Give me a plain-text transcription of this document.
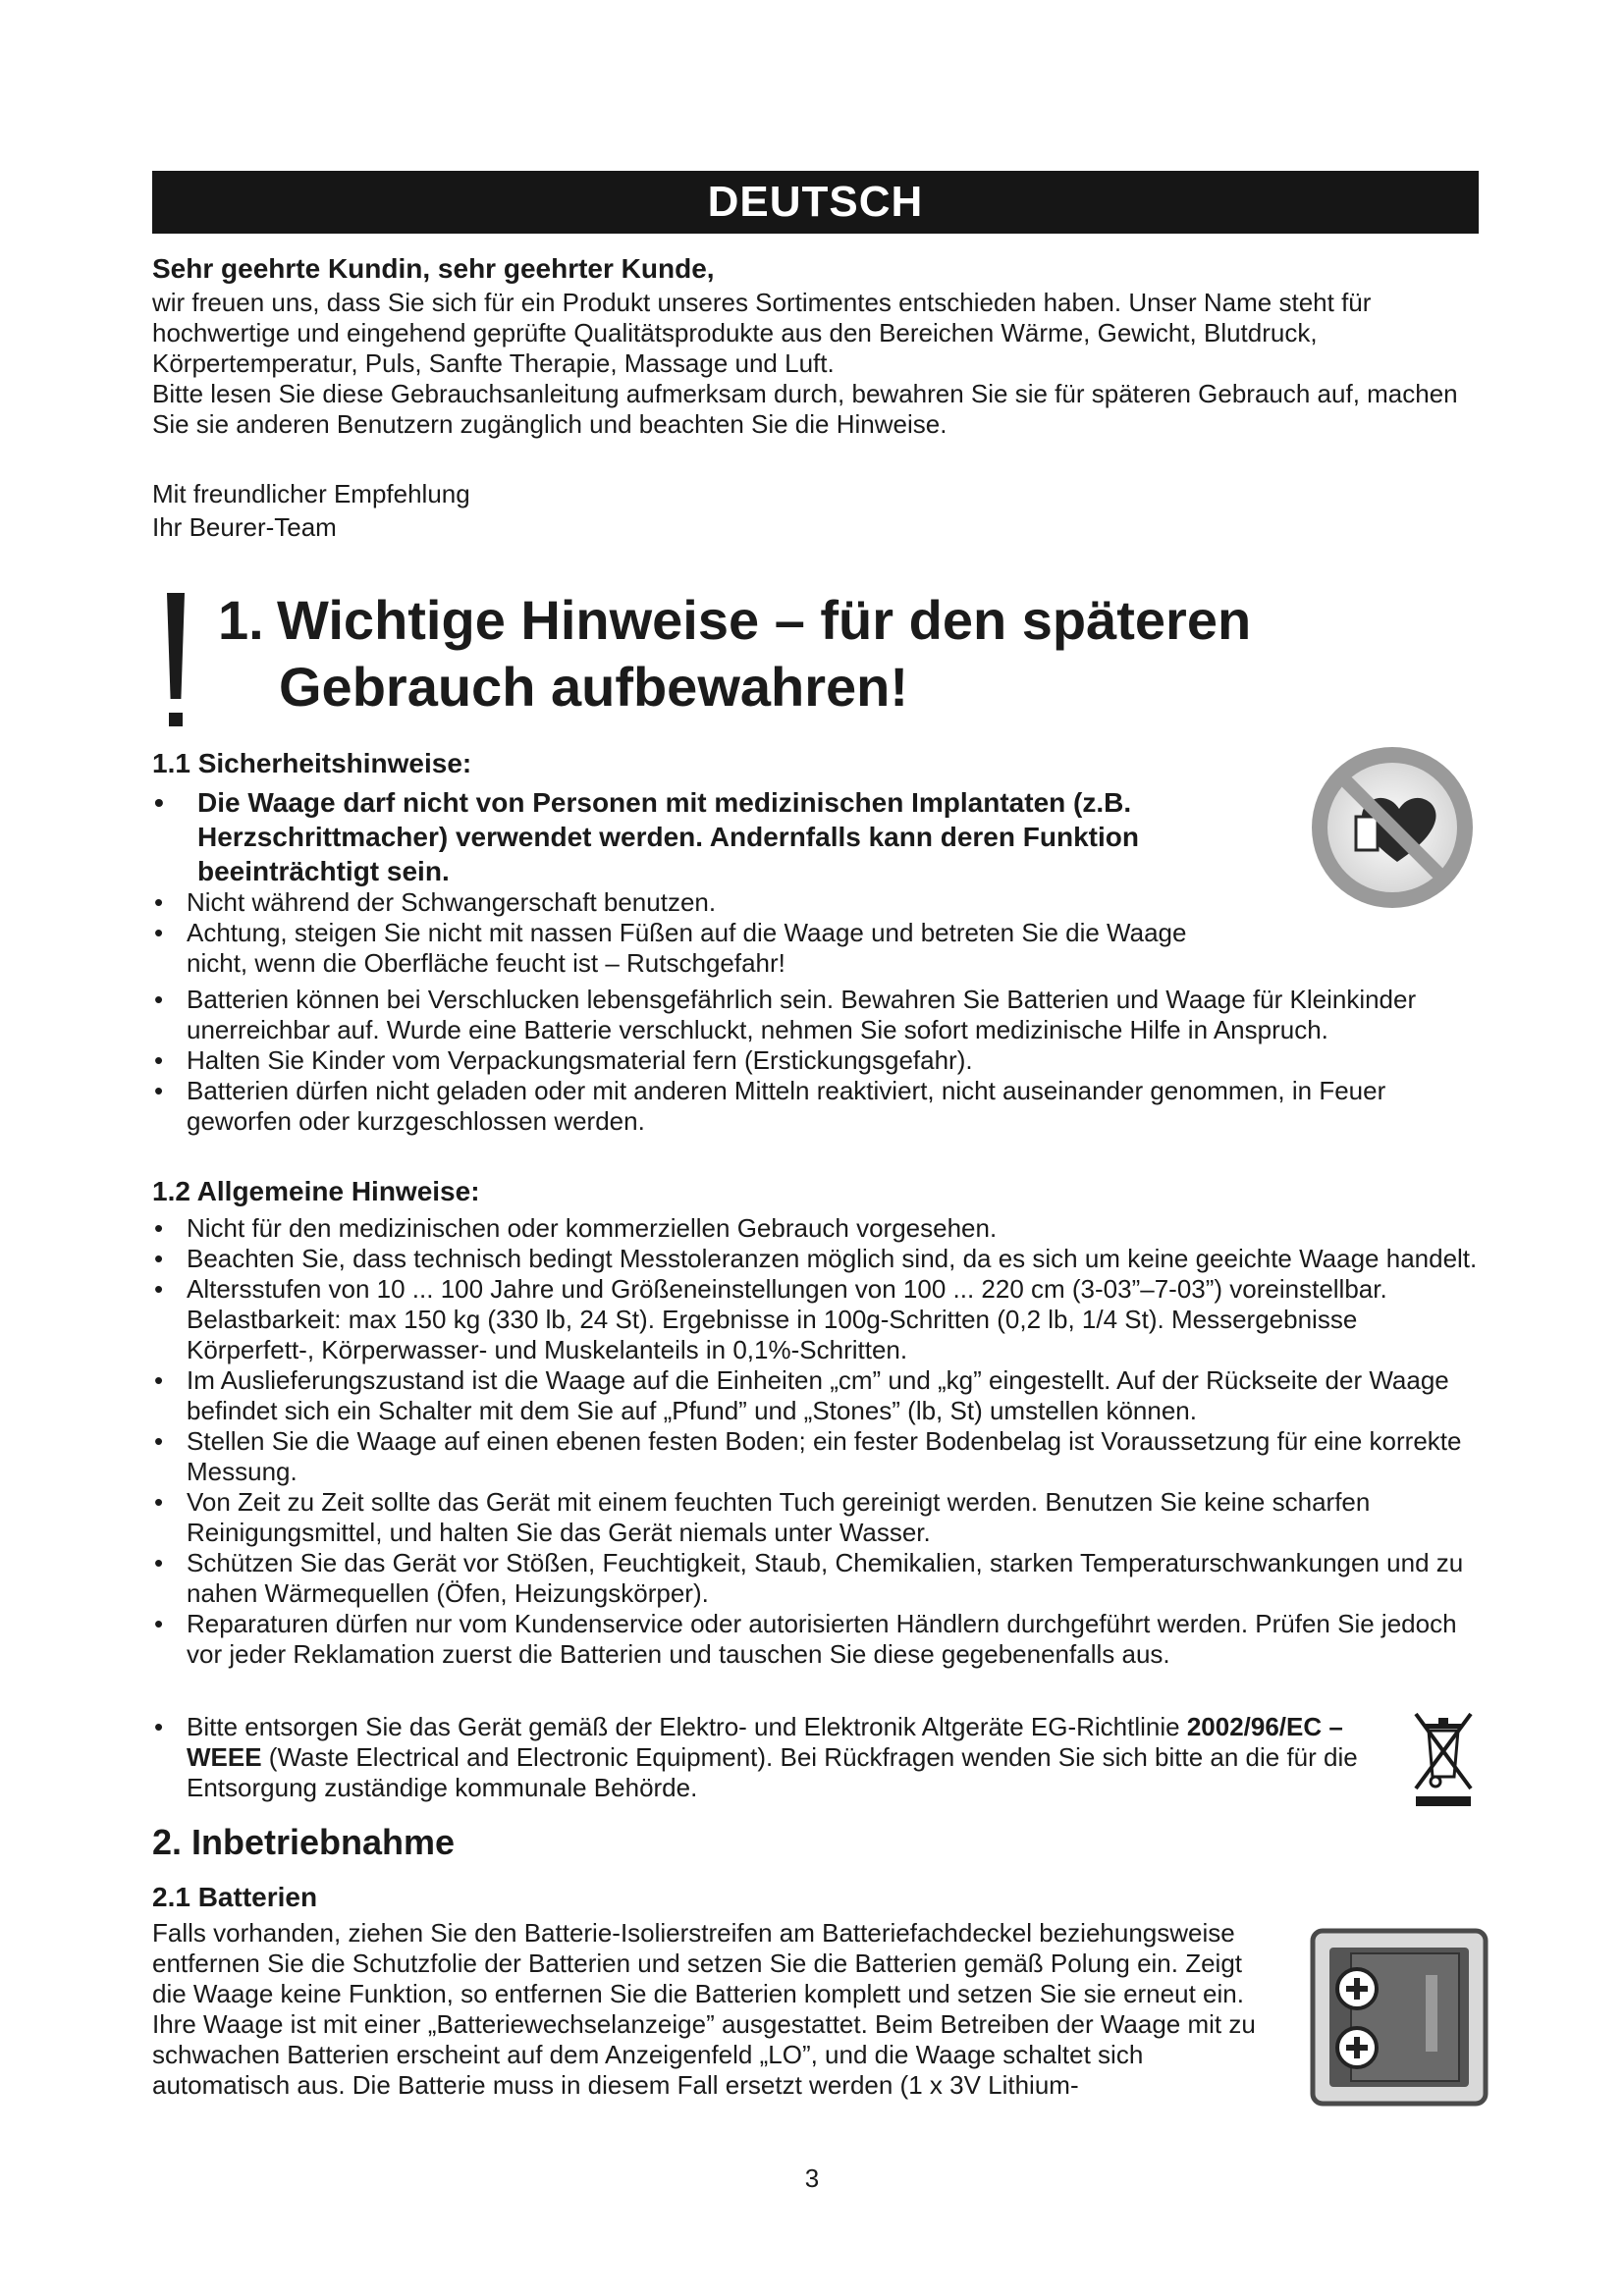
DEUTSCH
Sehr geehrte Kundin, sehr geehrter Kunde,

wir freuen uns, dass Sie sich für ein Produkt unseres Sortimentes entschieden haben. Unser Name steht für hochwertige und eingehend geprüfte Qualitätsprodukte aus den Bereichen Wärme, Gewicht, Blutdruck, Körpertemperatur, Puls, Sanfte Therapie, Massage und Luft.

Bitte lesen Sie diese Gebrauchsanleitung aufmerksam durch, bewahren Sie sie für späteren Gebrauch auf, machen Sie sie anderen Benutzern zugänglich und beachten Sie die Hinweise.

Mit freundlicher Empfehlung
Ihr Beurer-Team
1. Wichtige Hinweise – für den späteren
Gebrauch aufbewahren!
1.1 Sicherheitshinweise:
• Die Waage darf nicht von Personen mit medizinischen Implantaten (z.B. Herzschrittmacher) verwendet werden. Andernfalls kann deren Funktion beeinträchtigt sein.
• Nicht während der Schwangerschaft benutzen.
• Achtung, steigen Sie nicht mit nassen Füßen auf die Waage und betreten Sie die Waage nicht, wenn die Oberfläche feucht ist – Rutschgefahr!
• Batterien können bei Verschlucken lebensgefährlich sein. Bewahren Sie Batterien und Waage für Kleinkinder unerreichbar auf. Wurde eine Batterie verschluckt, nehmen Sie sofort medizinische Hilfe in Anspruch.
• Halten Sie Kinder vom Verpackungsmaterial fern (Erstickungsgefahr).
• Batterien dürfen nicht geladen oder mit anderen Mitteln reaktiviert, nicht auseinander genommen, in Feuer geworfen oder kurzgeschlossen werden.
1.2 Allgemeine Hinweise:
• Nicht für den medizinischen oder kommerziellen Gebrauch vorgesehen.
• Beachten Sie, dass technisch bedingt Messtoleranzen möglich sind, da es sich um keine geeichte Waage handelt.
• Altersstufen von 10 ... 100 Jahre und Größeneinstellungen von 100 ... 220 cm (3-03”–7-03”) voreinstellbar. Belastbarkeit: max 150 kg (330 lb, 24 St). Ergebnisse in 100g-Schritten (0,2 lb, 1/4 St). Messergebnisse Körperfett-, Körperwasser- und Muskelanteils in 0,1%-Schritten.
• Im Auslieferungszustand ist die Waage auf die Einheiten „cm” und „kg” eingestellt. Auf der Rückseite der Waage befindet sich ein Schalter mit dem Sie auf „Pfund” und „Stones” (lb, St) umstellen können.
• Stellen Sie die Waage auf einen ebenen festen Boden; ein fester Bodenbelag ist Voraussetzung für eine korrekte Messung.
• Von Zeit zu Zeit sollte das Gerät mit einem feuchten Tuch gereinigt werden. Benutzen Sie keine scharfen Reinigungsmittel, und halten Sie das Gerät niemals unter Wasser.
• Schützen Sie das Gerät vor Stößen, Feuchtigkeit, Staub, Chemikalien, starken Temperaturschwankungen und zu nahen Wärmequellen (Öfen, Heizungskörper).
• Reparaturen dürfen nur vom Kundenservice oder autorisierten Händlern durchgeführt werden. Prüfen Sie jedoch vor jeder Reklamation zuerst die Batterien und tauschen Sie diese gegebenenfalls aus.
• Bitte entsorgen Sie das Gerät gemäß der Elektro- und Elektronik Altgeräte EG-Richtlinie 2002/96/EC – WEEE (Waste Electrical and Electronic Equipment). Bei Rückfragen wenden Sie sich bitte an die für die Entsorgung zuständige kommunale Behörde.
2. Inbetriebnahme
2.1 Batterien
Falls vorhanden, ziehen Sie den Batterie-Isolierstreifen am Batteriefachdeckel beziehungsweise entfernen Sie die Schutzfolie der Batterien und setzen Sie die Batterien gemäß Polung ein. Zeigt die Waage keine Funktion, so entfernen Sie die Batterien komplett und setzen Sie sie erneut ein. Ihre Waage ist mit einer „Batteriewechselanzeige” ausgestattet. Beim Betreiben der Waage mit zu schwachen Batterien erscheint auf dem Anzeigenfeld „LO”, und die Waage schaltet sich automatisch aus. Die Batterie muss in diesem Fall ersetzt werden (1 x 3V Lithium-
3
